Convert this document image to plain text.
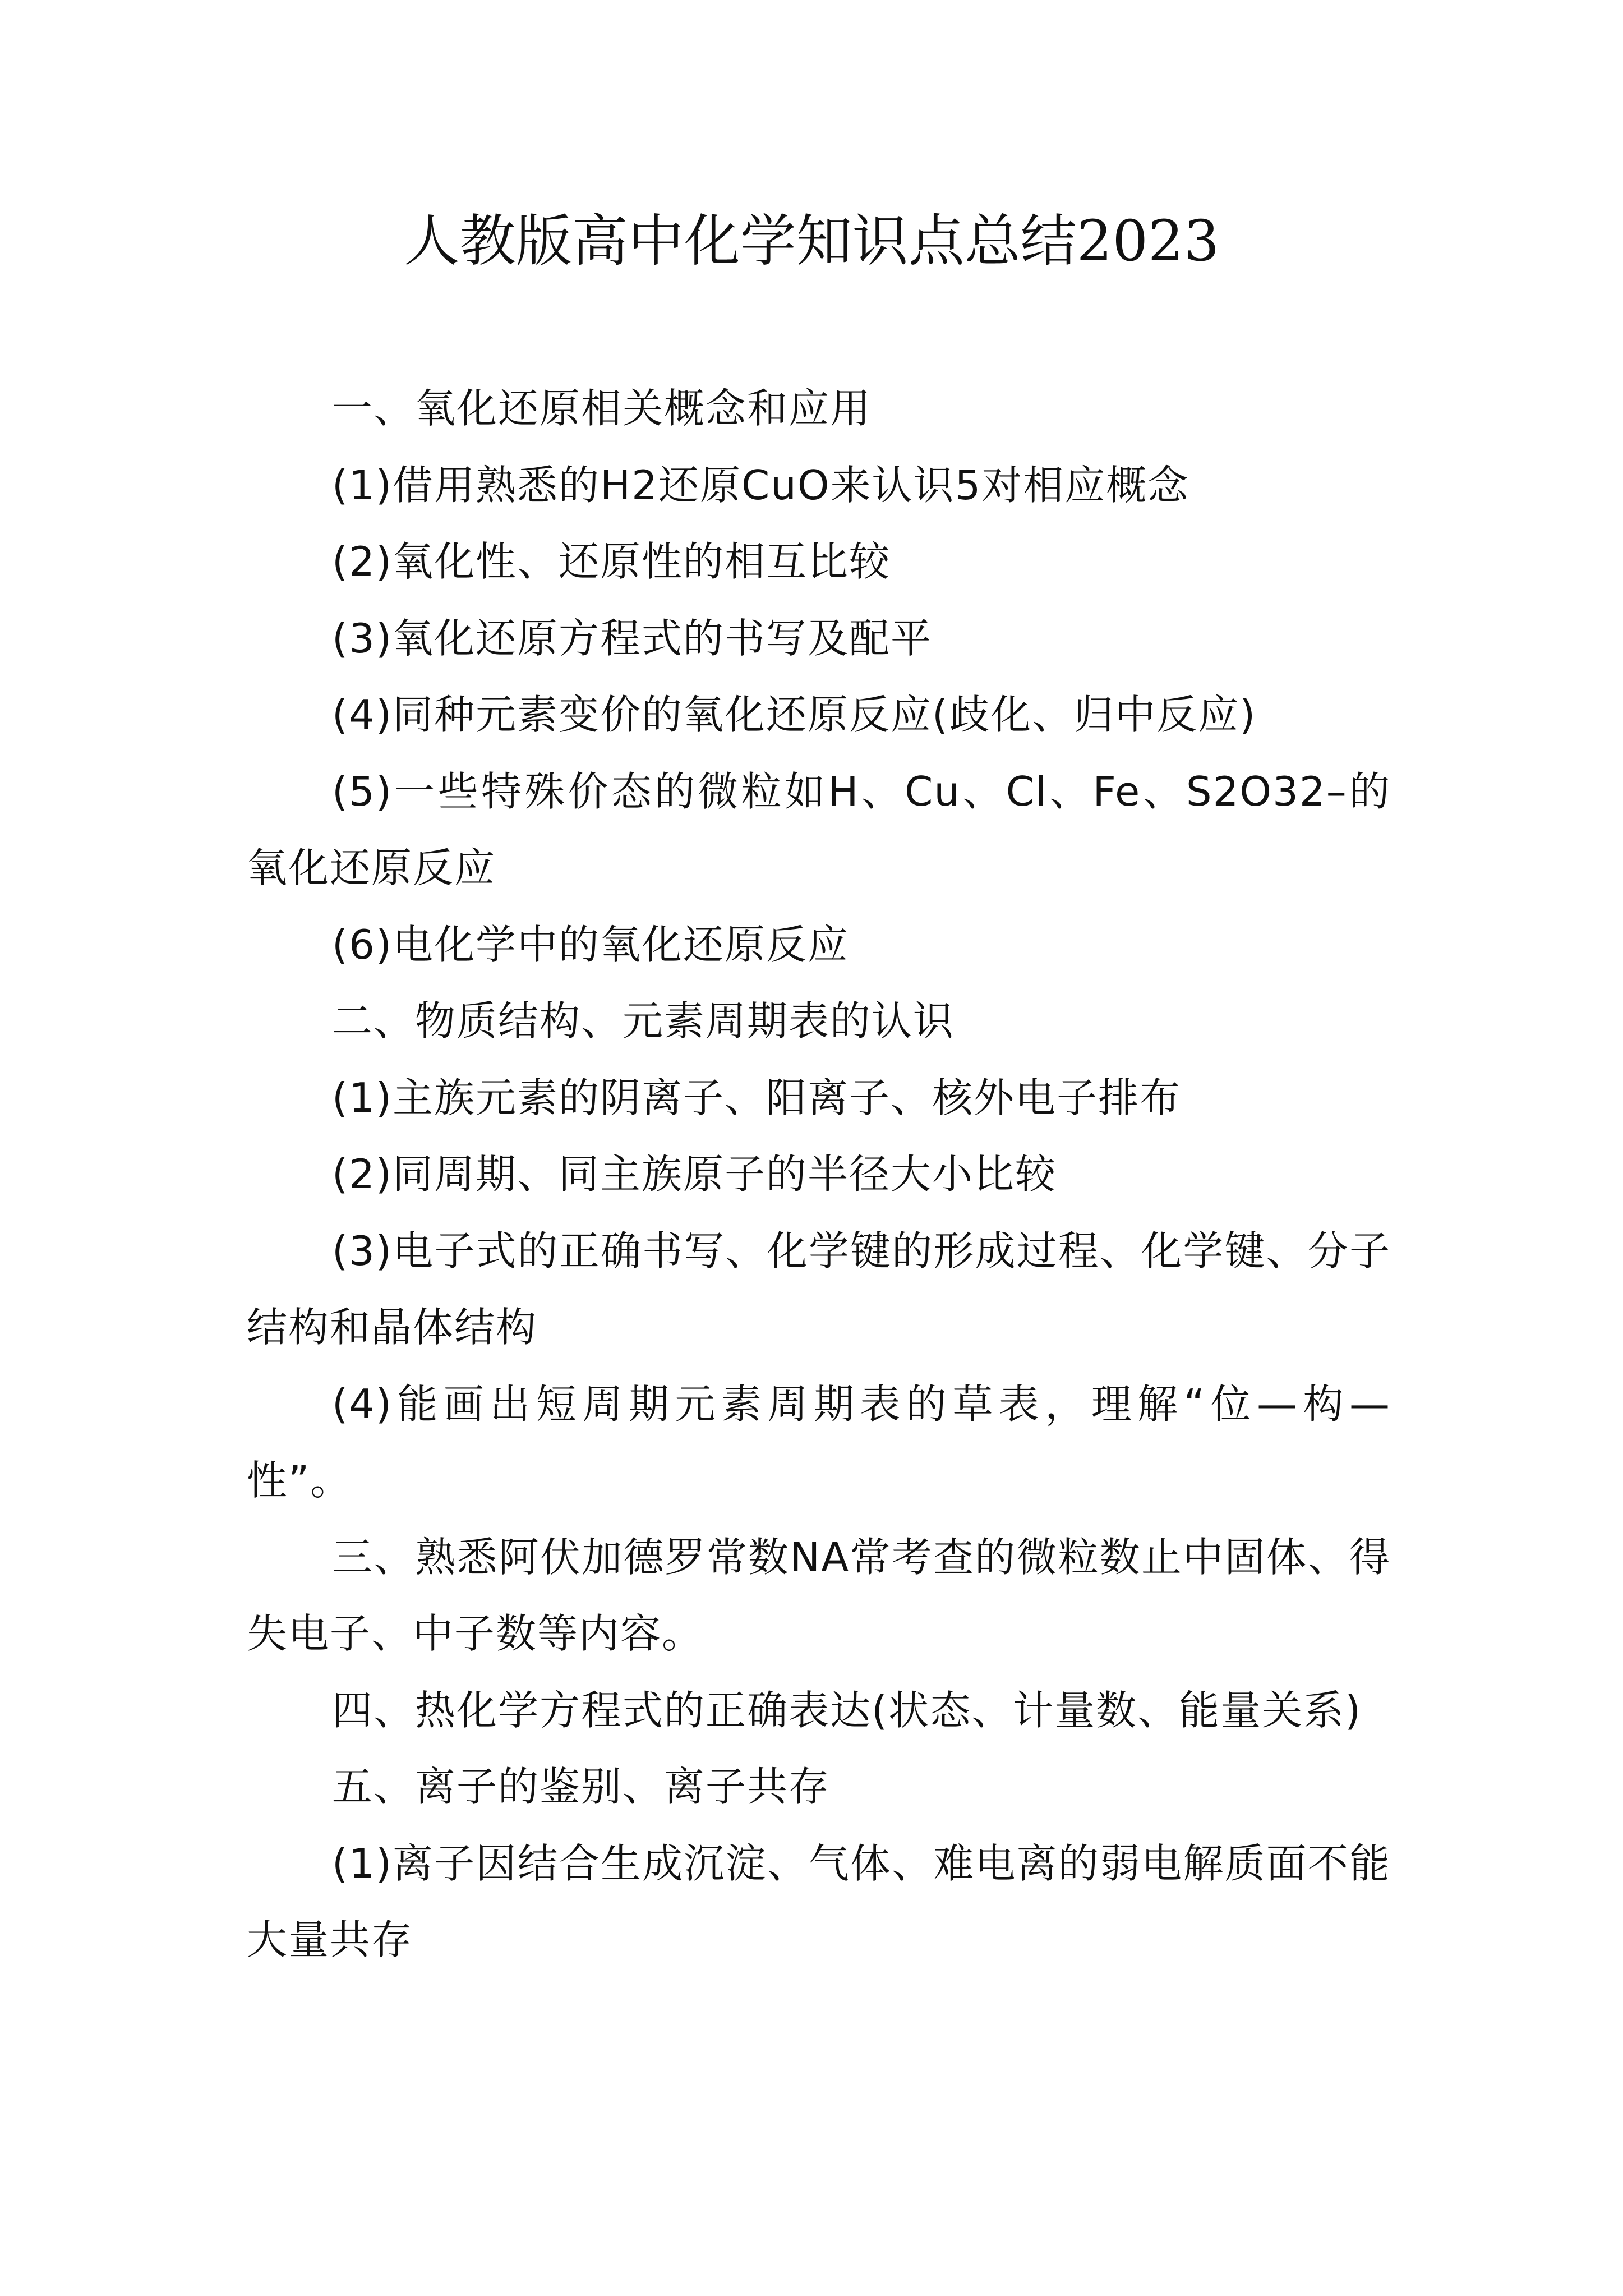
人教版高中化学知识点总结2023

一、氧化还原相关概念和应用

(1)借用熟悉的H2还原CuO来认识5对相应概念

(2)氧化性、还原性的相互比较

(3)氧化还原方程式的书写及配平

(4)同种元素变价的氧化还原反应(歧化、归中反应)

(5)一些特殊价态的微粒如H、Cu、Cl、Fe、S2O32–的氧化还原反应

(6)电化学中的氧化还原反应

二、物质结构、元素周期表的认识

(1)主族元素的阴离子、阳离子、核外电子排布

(2)同周期、同主族原子的半径大小比较

(3)电子式的正确书写、化学键的形成过程、化学键、分子结构和晶体结构

(4)能画出短周期元素周期表的草表，理解“位—构—性”。

三、熟悉阿伏加德罗常数NA常考查的微粒数止中固体、得失电子、中子数等内容。

四、热化学方程式的正确表达(状态、计量数、能量关系)

五、离子的鉴别、离子共存

(1)离子因结合生成沉淀、气体、难电离的弱电解质面不能大量共存
